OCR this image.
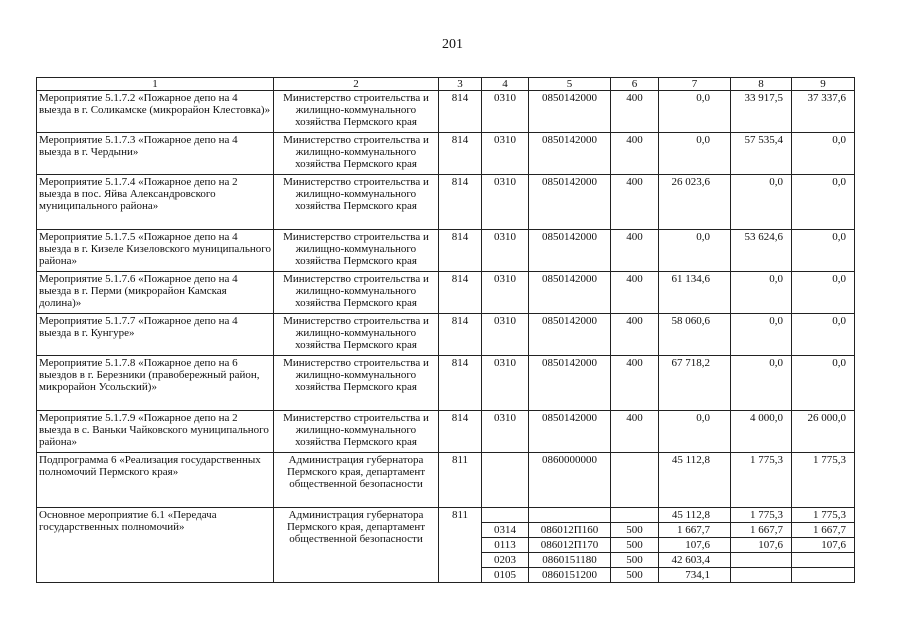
201
1	2	3	4	5	6	7	8	9
Мероприятие 5.1.7.2 «Пожарное депо на 4 выезда в г. Соликамске (микрорайон Клестовка)»	Министерство строительства и жилищно-коммунального хозяйства Пермского края	814	0310	0850142000	400	0,0	33 917,5	37 337,6
Мероприятие 5.1.7.3 «Пожарное депо на 4 выезда в г. Чердыни»	Министерство строительства и жилищно-коммунального хозяйства Пермского края	814	0310	0850142000	400	0,0	57 535,4	0,0
Мероприятие 5.1.7.4 «Пожарное депо на 2 выезда в пос. Яйва Александровского муниципального района»	Министерство строительства и жилищно-коммунального хозяйства Пермского края	814	0310	0850142000	400	26 023,6	0,0	0,0
Мероприятие 5.1.7.5 «Пожарное депо на 4 выезда в г. Кизеле Кизеловского муниципального района»	Министерство строительства и жилищно-коммунального хозяйства Пермского края	814	0310	0850142000	400	0,0	53 624,6	0,0
Мероприятие 5.1.7.6 «Пожарное депо на 4 выезда в г. Перми (микрорайон Камская долина)»	Министерство строительства и жилищно-коммунального хозяйства Пермского края	814	0310	0850142000	400	61 134,6	0,0	0,0
Мероприятие 5.1.7.7 «Пожарное депо на 4 выезда в г. Кунгуре»	Министерство строительства и жилищно-коммунального хозяйства Пермского края	814	0310	0850142000	400	58 060,6	0,0	0,0
Мероприятие 5.1.7.8 «Пожарное депо на 6 выездов в г. Березники (правобережный район, микрорайон Усольский)»	Министерство строительства и жилищно-коммунального хозяйства Пермского края	814	0310	0850142000	400	67 718,2	0,0	0,0
Мероприятие 5.1.7.9 «Пожарное депо на 2 выезда в с. Ваньки Чайковского муниципального района»	Министерство строительства и жилищно-коммунального хозяйства Пермского края	814	0310	0850142000	400	0,0	4 000,0	26 000,0
Подпрограмма 6 «Реализация государственных полномочий Пермского края»	Администрация губернатора Пермского края, департамент общественной безопасности	811		0860000000		45 112,8	1 775,3	1 775,3
Основное мероприятие 6.1 «Передача государственных полномочий»	Администрация губернатора Пермского края, департамент общественной безопасности	811				45 112,8	1 775,3	1 775,3
			0314	086012П160	500	1 667,7	1 667,7	1 667,7
			0113	086012П170	500	107,6	107,6	107,6
			0203	0860151180	500	42 603,4		
			0105	0860151200	500	734,1		
